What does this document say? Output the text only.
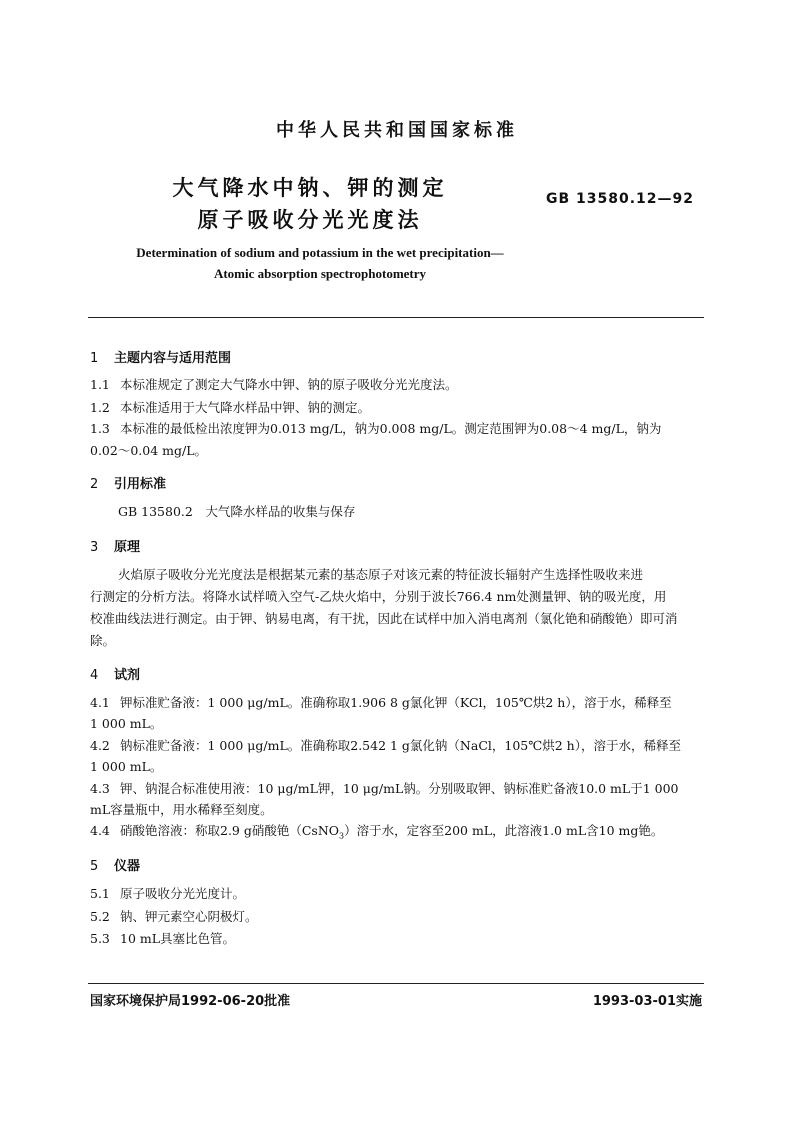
中华人民共和国国家标准
大气降水中钠、钾的测定
原子吸收分光光度法
GB 13580.12—92
Determination of sodium and potassium in the wet precipitation—
Atomic absorption spectrophotometry
1 主题内容与适用范围
1.1 本标准规定了测定大气降水中钾、钠的原子吸收分光光度法。
1.2 本标准适用于大气降水样品中钾、钠的测定。
1.3 本标准的最低检出浓度钾为0.013 mg/L，钠为0.008 mg/L。测定范围钾为0.08～4 mg/L，钠为
0.02～0.04 mg/L。
2 引用标准
GB 13580.2　大气降水样品的收集与保存
3 原理
火焰原子吸收分光光度法是根据某元素的基态原子对该元素的特征波长辐射产生选择性吸收来进
行测定的分析方法。将降水试样喷入空气-乙炔火焰中，分别于波长766.4 nm处测量钾、钠的吸光度，用
校准曲线法进行测定。由于钾、钠易电离，有干扰，因此在试样中加入消电离剂（氯化铯和硝酸铯）即可消
除。
4 试剂
4.1 钾标准贮备液：1 000 μg/mL。准确称取1.906 8 g氯化钾（KCl，105℃烘2 h），溶于水，稀释至
1 000 mL。
4.2 钠标准贮备液：1 000 μg/mL。准确称取2.542 1 g氯化钠（NaCl，105℃烘2 h），溶于水，稀释至
1 000 mL。
4.3 钾、钠混合标准使用液：10 μg/mL钾，10 μg/mL钠。分别吸取钾、钠标准贮备液10.0 mL于1 000
mL容量瓶中，用水稀释至刻度。
4.4 硝酸铯溶液：称取2.9 g硝酸铯（CsNO$_3$）溶于水，定容至200 mL，此溶液1.0 mL含10 mg铯。
5 仪器
5.1 原子吸收分光光度计。
5.2 钠、钾元素空心阴极灯。
5.3 10 mL具塞比色管。
国家环境保护局1992-06-20批准	1993-03-01实施
